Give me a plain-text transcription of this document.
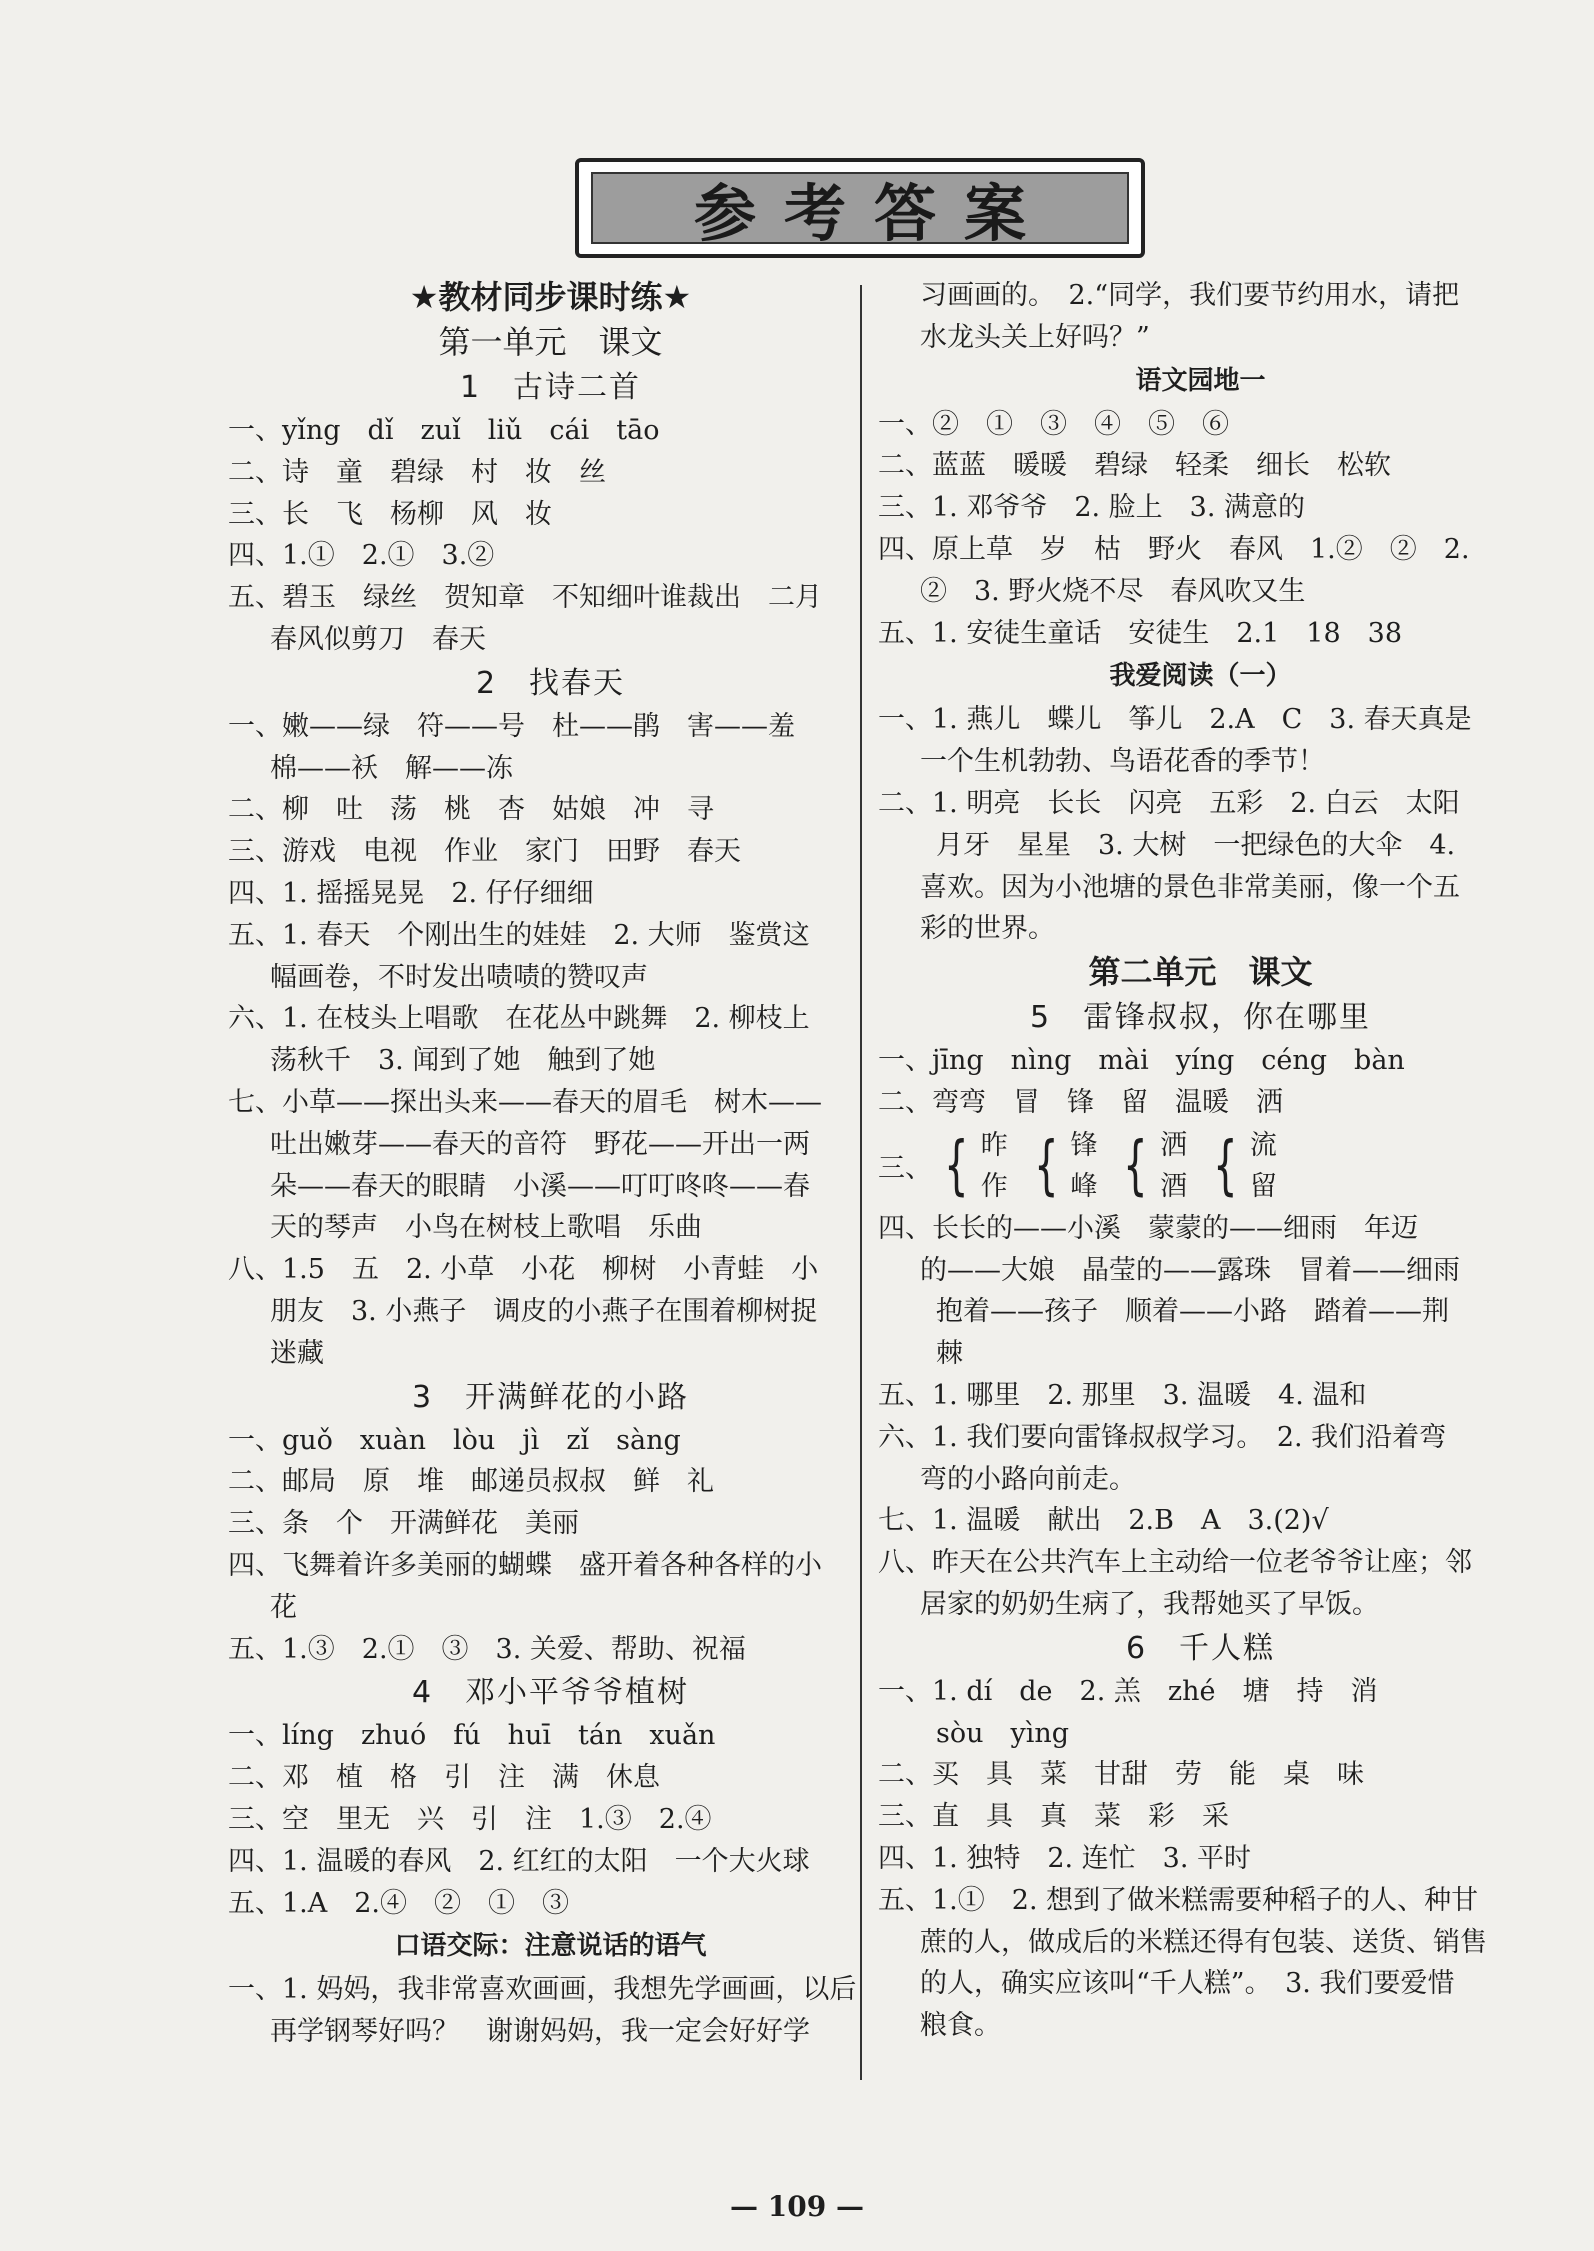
参考答案
★教材同步课时练★
第一单元　课文
1　古诗二首
一、yǐng　dǐ　zuǐ　liǔ　cái　tāo
二、诗　童　碧绿　村　妆　丝
三、长　飞　杨柳　风　妆
四、1.①　2.①　3.②
五、碧玉　绿丝　贺知章　不知细叶谁裁出　二月
春风似剪刀　春天
2　找春天
一、嫩——绿　符——号　杜——鹃　害——羞
棉——袄　解——冻
二、柳　吐　荡　桃　杏　姑娘　冲　寻
三、游戏　电视　作业　家门　田野　春天
四、1. 摇摇晃晃　2. 仔仔细细
五、1. 春天　个刚出生的娃娃　2. 大师　鉴赏这
幅画卷，不时发出啧啧的赞叹声
六、1. 在枝头上唱歌　在花丛中跳舞　2. 柳枝上
荡秋千　3. 闻到了她　触到了她
七、小草——探出头来——春天的眉毛　树木——
吐出嫩芽——春天的音符　野花——开出一两
朵——春天的眼睛　小溪——叮叮咚咚——春
天的琴声　小鸟在树枝上歌唱　乐曲
八、1.5　五　2. 小草　小花　柳树　小青蛙　小
朋友　3. 小燕子　调皮的小燕子在围着柳树捉
迷藏
3　开满鲜花的小路
一、guǒ　xuàn　lòu　jì　zǐ　sàng
二、邮局　原　堆　邮递员叔叔　鲜　礼
三、条　个　开满鲜花　美丽
四、飞舞着许多美丽的蝴蝶　盛开着各种各样的小
花
五、1.③　2.①　③　3. 关爱、帮助、祝福
4　邓小平爷爷植树
一、líng　zhuó　fú　huī　tán　xuǎn
二、邓　植　格　引　注　满　休息
三、空　里无　兴　引　注　1.③　2.④
四、1. 温暖的春风　2. 红红的太阳　一个大火球
五、1.A　2.④　②　①　③
口语交际：注意说话的语气
一、1. 妈妈，我非常喜欢画画，我想先学画画，以后
再学钢琴好吗？　谢谢妈妈，我一定会好好学
习画画的。　2.“同学，我们要节约用水，请把
水龙头关上好吗？”
语文园地一
一、②　①　③　④　⑤　⑥
二、蓝蓝　暖暖　碧绿　轻柔　细长　松软
三、1. 邓爷爷　2. 脸上　3. 满意的
四、原上草　岁　枯　野火　春风　1.②　②　2.
②　3. 野火烧不尽　春风吹又生
五、1. 安徒生童话　安徒生　2.1　18　38
我爱阅读（一）
一、1. 燕儿　蝶儿　筝儿　2.A　C　3. 春天真是
一个生机勃勃、鸟语花香的季节！
二、1. 明亮　长长　闪亮　五彩　2. 白云　太阳
月牙　星星　3. 大树　一把绿色的大伞　4.
喜欢。因为小池塘的景色非常美丽，像一个五
彩的世界。
第二单元　课文
5　雷锋叔叔，你在哪里
一、jīng　nìng　mài　yíng　céng　bàn
二、弯弯　冒　锋　留　温暖　洒
三、 { 昨
作 { 锋
峰 { 洒
酒 { 流
留
四、长长的——小溪　蒙蒙的——细雨　年迈
的——大娘　晶莹的——露珠　冒着——细雨
抱着——孩子　顺着——小路　踏着——荆
棘
五、1. 哪里　2. 那里　3. 温暖　4. 温和
六、1. 我们要向雷锋叔叔学习。　2. 我们沿着弯
弯的小路向前走。
七、1. 温暖　献出　2.B　A　3.(2)√
八、昨天在公共汽车上主动给一位老爷爷让座；邻
居家的奶奶生病了，我帮她买了早饭。
6　千人糕
一、1. dí　de　2. 羔　zhé　塘　持　消
sòu　yìng
二、买　具　菜　甘甜　劳　能　桌　味
三、直　具　真　菜　彩　采
四、1. 独特　2. 连忙　3. 平时
五、1.①　2. 想到了做米糕需要种稻子的人、种甘
蔗的人，做成后的米糕还得有包装、送货、销售
的人，确实应该叫“千人糕”。　3. 我们要爱惜
粮食。
— 109 —
